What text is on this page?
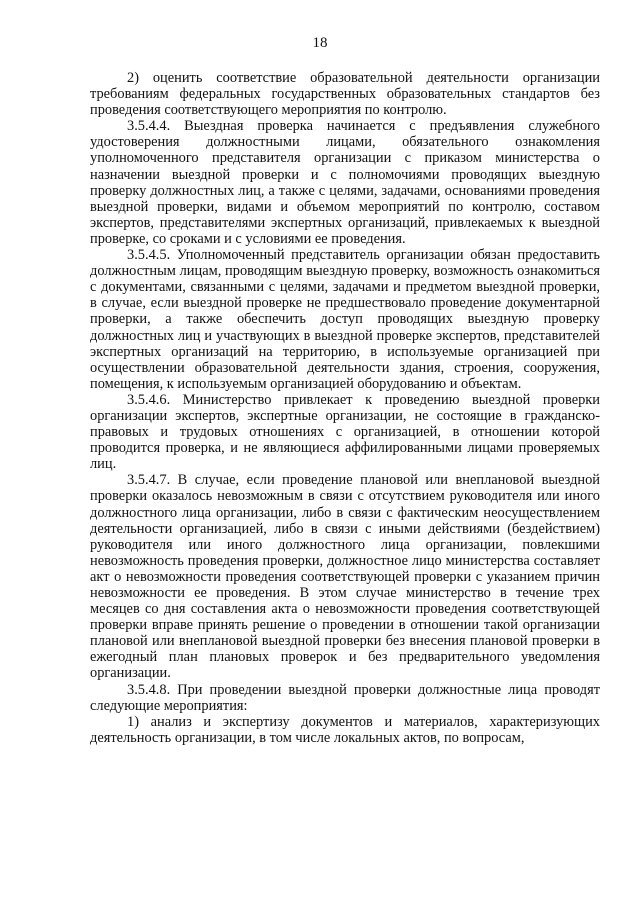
18

2) оценить соответствие образовательной деятельности организации требованиям федеральных государственных образовательных стандартов без проведения соответствующего мероприятия по контролю.

3.5.4.4. Выездная проверка начинается с предъявления служебного удостоверения должностными лицами, обязательного ознакомления уполномоченного представителя организации с приказом министерства о назначении выездной проверки и с полномочиями проводящих выездную проверку должностных лиц, а также с целями, задачами, основаниями проведения выездной проверки, видами и объемом мероприятий по контролю, составом экспертов, представителями экспертных организаций, привлекаемых к выездной проверке, со сроками и с условиями ее проведения.

3.5.4.5. Уполномоченный представитель организации обязан предоставить должностным лицам, проводящим выездную проверку, возможность ознакомиться с документами, связанными с целями, задачами и предметом выездной проверки, в случае, если выездной проверке не предшествовало проведение документарной проверки, а также обеспечить доступ проводящих выездную проверку должностных лиц и участвующих в выездной проверке экспертов, представителей экспертных организаций на территорию, в используемые организацией при осуществлении образовательной деятельности здания, строения, сооружения, помещения, к используемым организацией оборудованию и объектам.

3.5.4.6. Министерство привлекает к проведению выездной проверки организации экспертов, экспертные организации, не состоящие в гражданско-правовых и трудовых отношениях с организацией, в отношении которой проводится проверка, и не являющиеся аффилированными лицами проверяемых лиц.

3.5.4.7. В случае, если проведение плановой или внеплановой выездной проверки оказалось невозможным в связи с отсутствием руководителя или иного должностного лица организации, либо в связи с фактическим неосуществлением деятельности организацией, либо в связи с иными действиями (бездействием) руководителя или иного должностного лица организации, повлекшими невозможность проведения проверки, должностное лицо министерства составляет акт о невозможности проведения соответствующей проверки с указанием причин невозможности ее проведения. В этом случае министерство в течение трех месяцев со дня составления акта о невозможности проведения соответствующей проверки вправе принять решение о проведении в отношении такой организации плановой или внеплановой выездной проверки без внесения плановой проверки в ежегодный план плановых проверок и без предварительного уведомления организации.

3.5.4.8. При проведении выездной проверки должностные лица проводят следующие мероприятия:

1) анализ и экспертизу документов и материалов, характеризующих деятельность организации, в том числе локальных актов, по вопросам,
